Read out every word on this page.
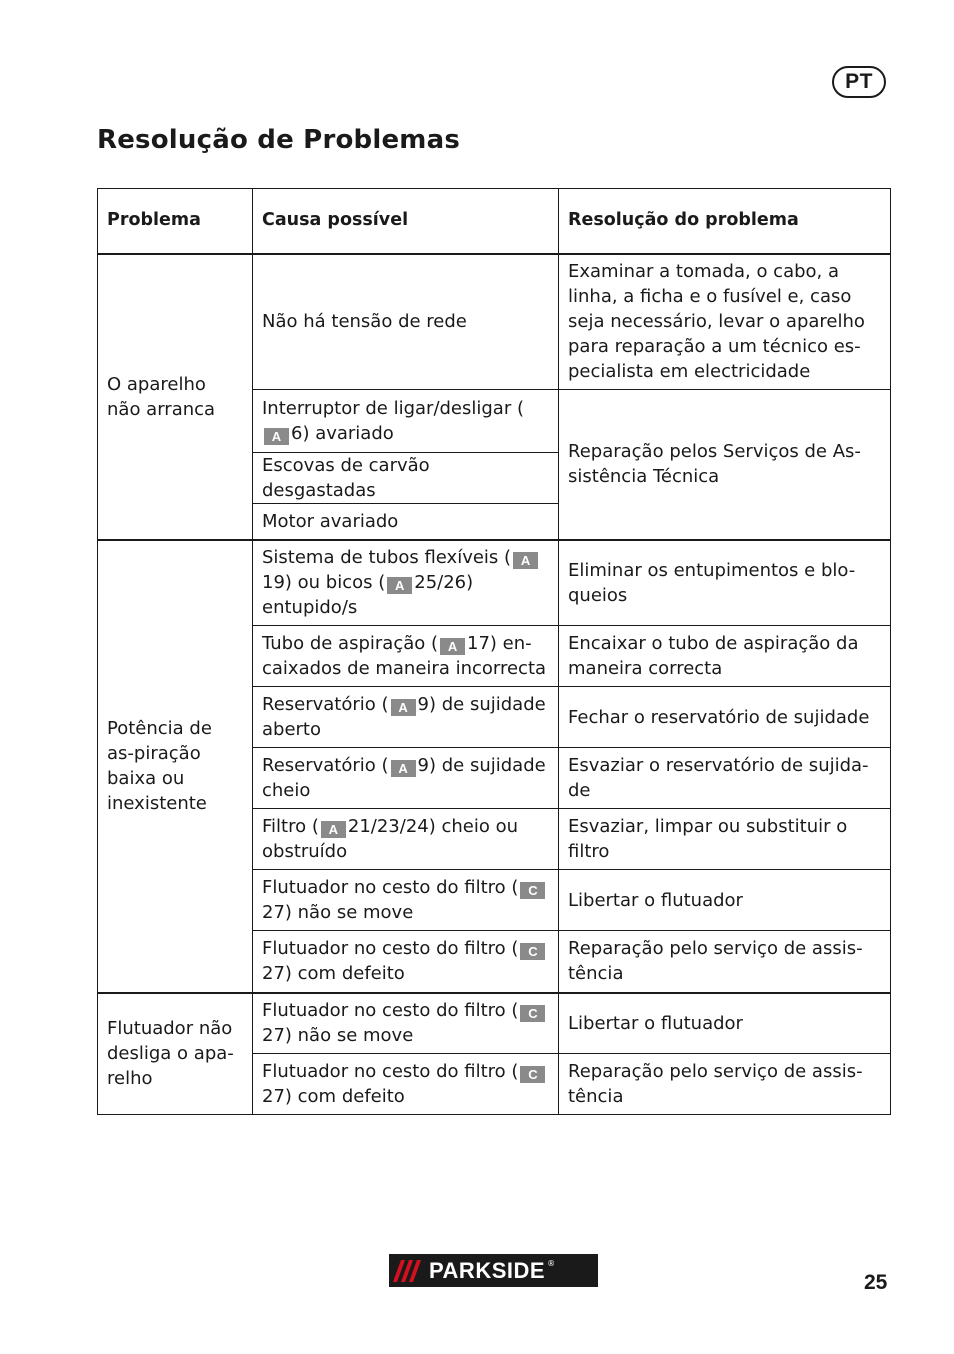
PT
Resolução de Problemas
Problema	Causa possível	Resolução do problema
O aparelho não arranca	Não há tensão de rede	Examinar a tomada, o cabo, a linha, a ficha e o fusível e, caso seja necessário, levar o aparelho para reparação a um técnico es-pecialista em electricidade
	Interruptor de ligar/desligar (A 6) avariado	Reparação pelos Serviços de As-sistência Técnica
	Escovas de carvão desgastadas	
	Motor avariado	
Potência de as-piração baixa ou inexistente	Sistema de tubos flexíveis ( A19) ou bicos ( A 25/26) entupido/s	Eliminar os entupimentos e blo-queios
	Tubo de aspiração ( A 17) en-caixados de maneira incorrecta	Encaixar o tubo de aspiração da maneira correcta
	Reservatório ( A 9) de sujidade aberto	Fechar o reservatório de sujidade
	Reservatório ( A 9) de sujidade cheio	Esvaziar o reservatório de sujida-de
	Filtro ( A 21/23/24) cheio ou obstruído	Esvaziar, limpar ou substituir o filtro
	Flutuador no cesto do filtro ( C27) não se move	Libertar o flutuador
	Flutuador no cesto do filtro ( C27) com defeito	Reparação pelo serviço de assis-tência
Flutuador não desliga o apa-relho	Flutuador no cesto do filtro ( C27) não se move	Libertar o flutuador
	Flutuador no cesto do filtro ( C27) com defeito	Reparação pelo serviço de assis-tência
PARKSIDE ®
25
